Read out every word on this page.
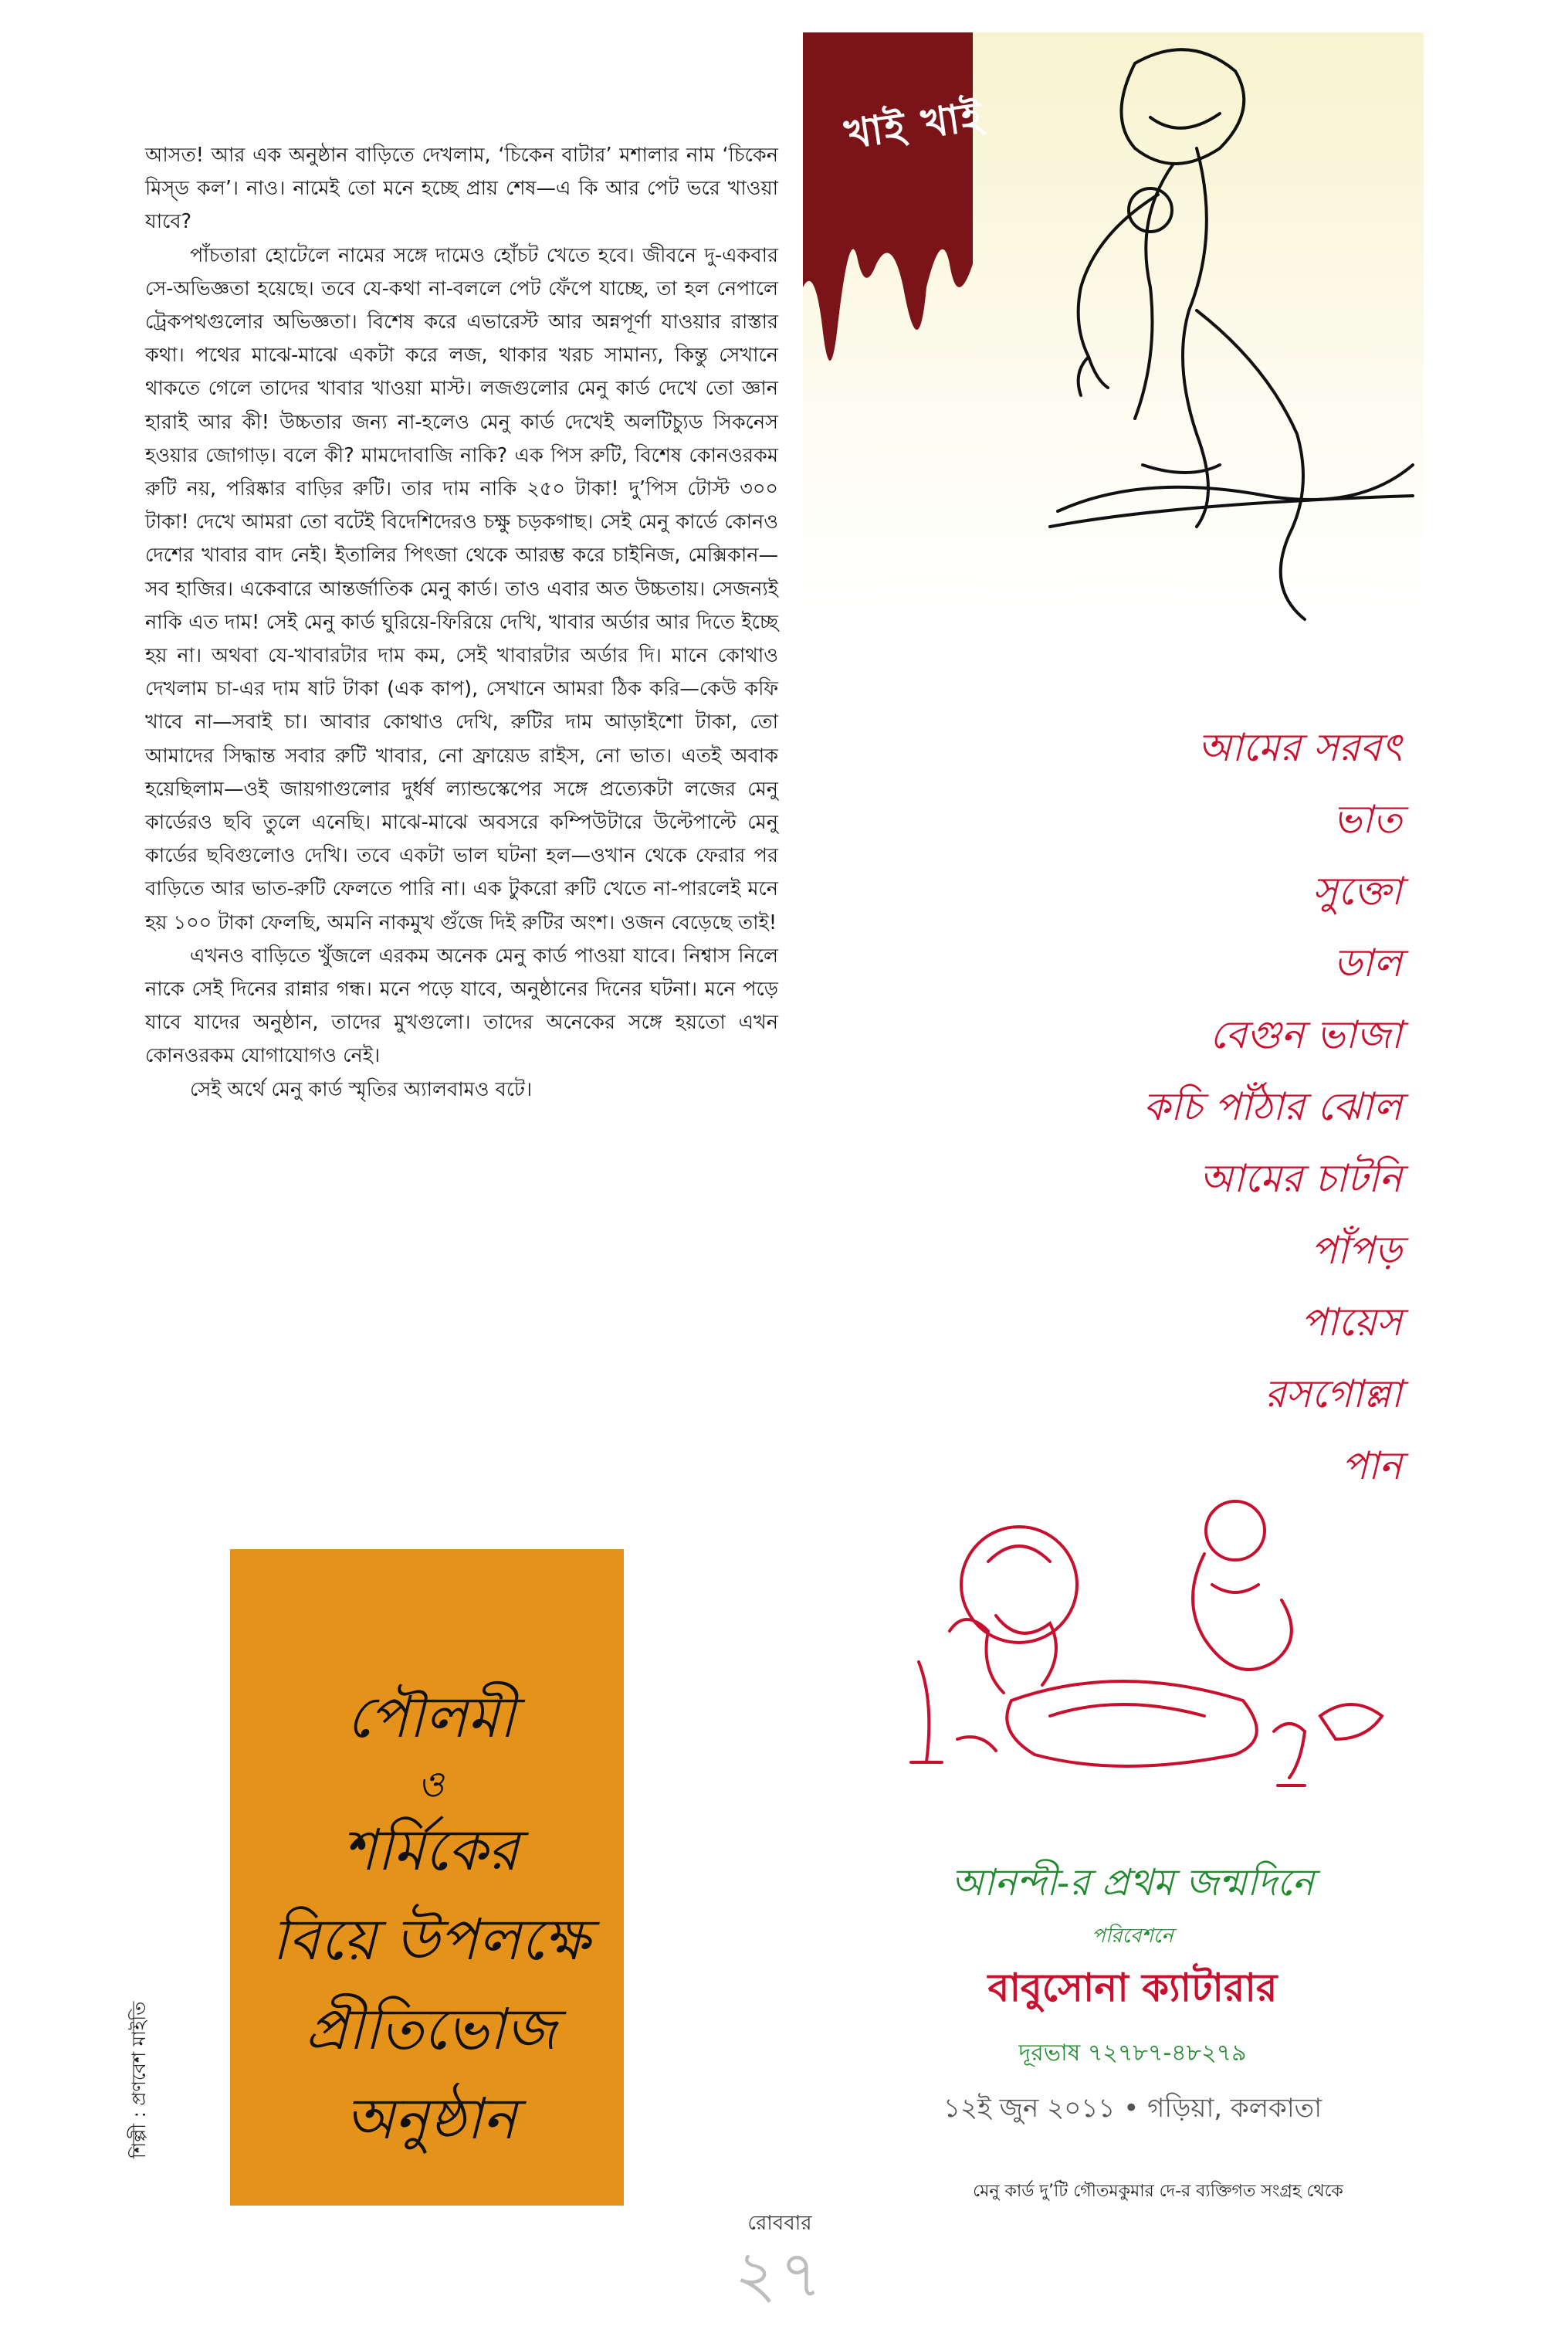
আসত! আর এক অনুষ্ঠান বাড়িতে দেখলাম, ‘চিকেন বাটার’ মশালার নাম ‘চিকেন মিস্‌ড কল’। নাও। নামেই তো মনে হচ্ছে প্রায় শেষ—এ কি আর পেট ভরে খাওয়া যাবে?

পাঁচতারা হোটেলে নামের সঙ্গে দামেও হোঁচট খেতে হবে। জীবনে দু-একবার সে-অভিজ্ঞতা হয়েছে। তবে যে-কথা না-বললে পেট ফেঁপে যাচ্ছে, তা হল নেপালে ট্রেকপথগুলোর অভিজ্ঞতা। বিশেষ করে এভারেস্ট আর অন্নপূর্ণা যাওয়ার রাস্তার কথা। পথের মাঝে-মাঝে একটা করে লজ, থাকার খরচ সামান্য, কিন্তু সেখানে থাকতে গেলে তাদের খাবার খাওয়া মাস্ট। লজগুলোর মেনু কার্ড দেখে তো জ্ঞান হারাই আর কী! উচ্চতার জন্য না-হলেও মেনু কার্ড দেখেই অলটিচ্যুড সিকনেস হওয়ার জোগাড়। বলে কী? মামদোবাজি নাকি? এক পিস রুটি, বিশেষ কোনওরকম রুটি নয়, পরিষ্কার বাড়ির রুটি। তার দাম নাকি ২৫০ টাকা! দু’পিস টোস্ট ৩০০ টাকা! দেখে আমরা তো বটেই বিদেশিদেরও চক্ষু চড়কগাছ। সেই মেনু কার্ডে কোনও দেশের খাবার বাদ নেই। ইতালির পিৎজা থেকে আরম্ভ করে চাইনিজ, মেক্সিকান—সব হাজির। একেবারে আন্তর্জাতিক মেনু কার্ড। তাও এবার অত উচ্চতায়। সেজন্যই নাকি এত দাম! সেই মেনু কার্ড ঘুরিয়ে-ফিরিয়ে দেখি, খাবার অর্ডার আর দিতে ইচ্ছে হয় না। অথবা যে-খাবারটার দাম কম, সেই খাবারটার অর্ডার দি। মানে কোথাও দেখলাম চা-এর দাম ষাট টাকা (এক কাপ), সেখানে আমরা ঠিক করি—কেউ কফি খাবে না—সবাই চা। আবার কোথাও দেখি, রুটির দাম আড়াইশো টাকা, তো আমাদের সিদ্ধান্ত সবার রুটি খাবার, নো ফ্রায়েড রাইস, নো ভাত। এতই অবাক হয়েছিলাম—ওই জায়গাগুলোর দুর্ধর্ষ ল্যান্ডস্কেপের সঙ্গে প্রত্যেকটা লজের মেনু কার্ডেরও ছবি তুলে এনেছি। মাঝে-মাঝে অবসরে কম্পিউটারে উল্টেপাল্টে মেনু কার্ডের ছবিগুলোও দেখি। তবে একটা ভাল ঘটনা হল—ওখান থেকে ফেরার পর বাড়িতে আর ভাত-রুটি ফেলতে পারি না। এক টুকরো রুটি খেতে না-পারলেই মনে হয় ১০০ টাকা ফেলছি, অমনি নাকমুখ গুঁজে দিই রুটির অংশ। ওজন বেড়েছে তাই!

এখনও বাড়িতে খুঁজলে এরকম অনেক মেনু কার্ড পাওয়া যাবে। নিশ্বাস নিলে নাকে সেই দিনের রান্নার গন্ধ। মনে পড়ে যাবে, অনুষ্ঠানের দিনের ঘটনা। মনে পড়ে যাবে যাদের অনুষ্ঠান, তাদের মুখগুলো। তাদের অনেকের সঙ্গে হয়তো এখন কোনওরকম যোগাযোগও নেই।

সেই অর্থে মেনু কার্ড স্মৃতির অ্যালবামও বটে।

খাই খাই
আমের সরবৎ
ভাত
সুক্তো
ডাল
বেগুন ভাজা
কচি পাঁঠার ঝোল
আমের চাটনি
পাঁপড়
পায়েস
রসগোল্লা
পান
আনন্দী-র প্রথম জন্মদিনে
পরিবেশনে
বাবুসোনা ক্যাটারার
দূরভাষ ৭২৭৮৭-৪৮২৭৯
১২ই জুন ২০১১ • গড়িয়া, কলকাতা
মেনু কার্ড দু’টি গৌতমকুমার দে-র ব্যক্তিগত সংগ্রহ থেকে
পৌলমী
ও
শর্মিকের
বিয়ে উপলক্ষে
প্রীতিভোজ
অনুষ্ঠান
শিল্পী : প্রণবেশ মাইতি
রোববার
২৭
